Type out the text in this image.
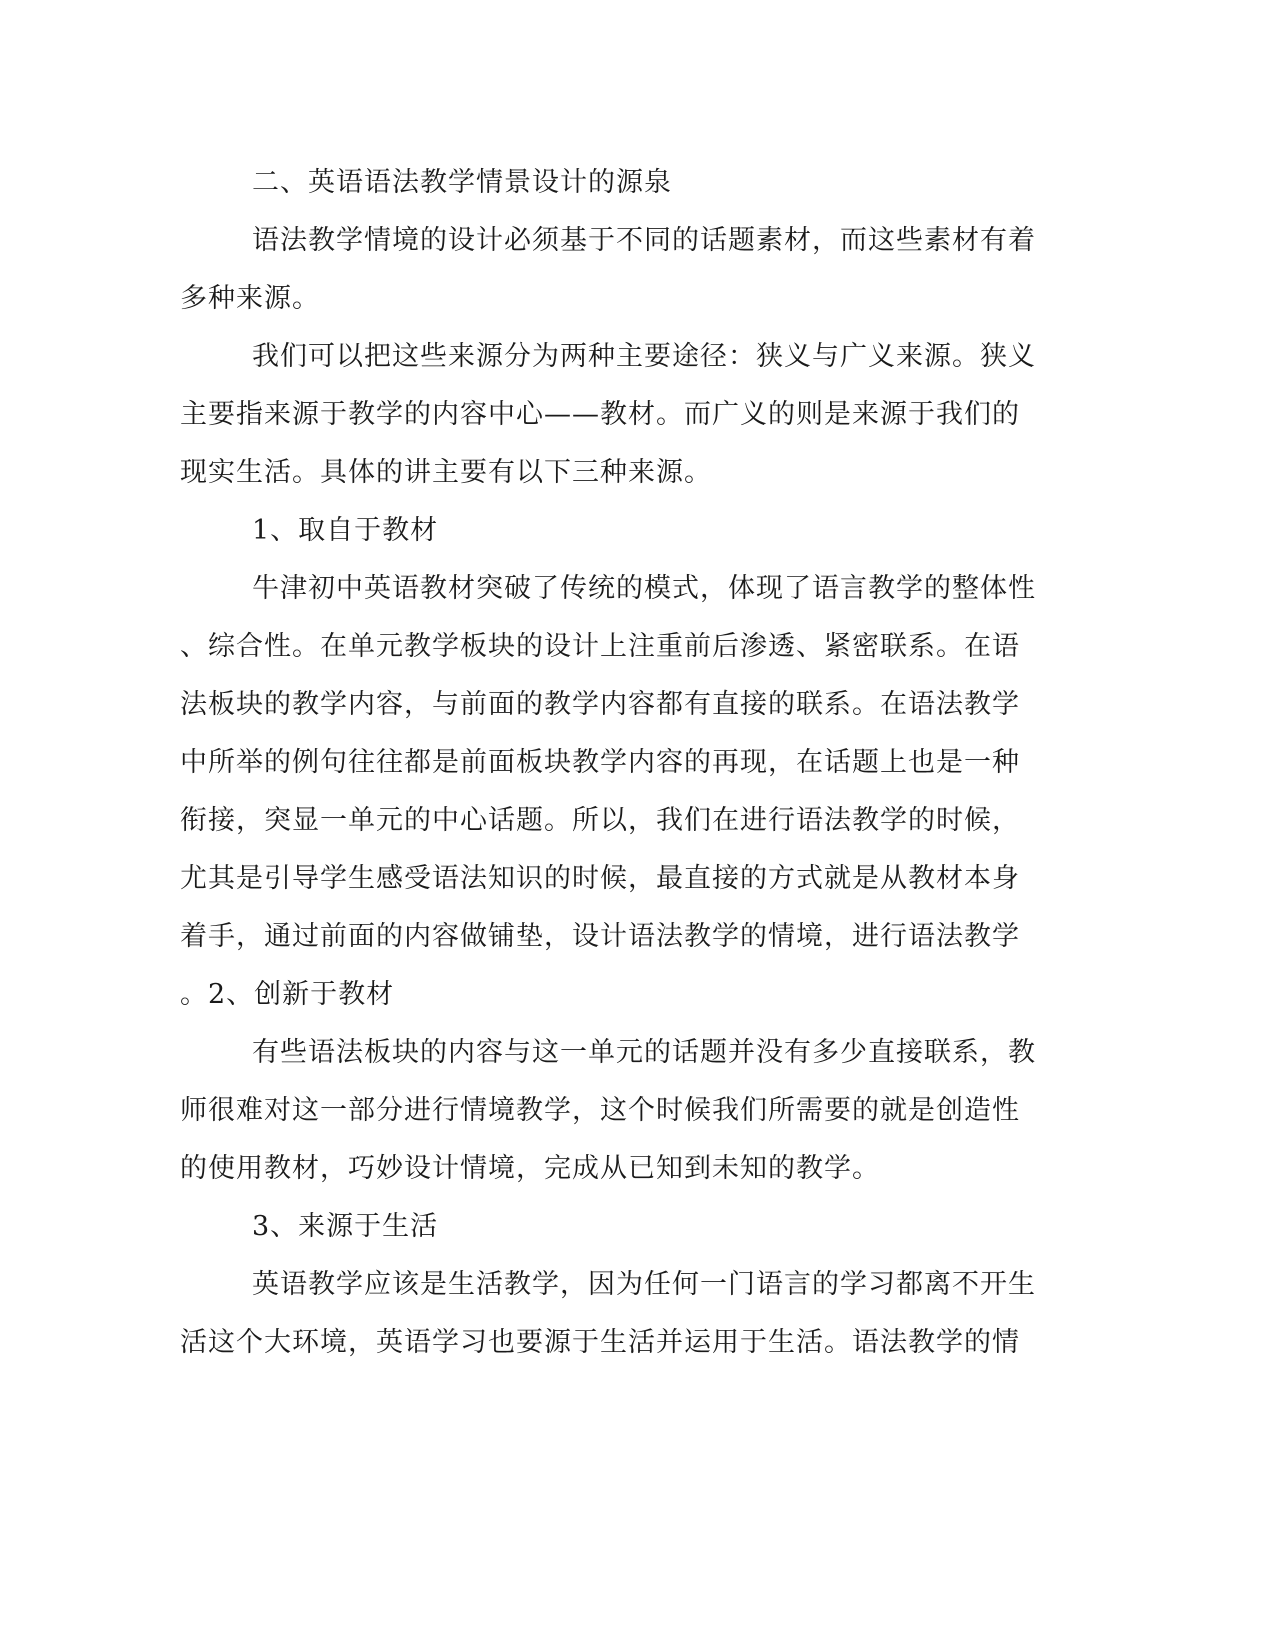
二、英语语法教学情景设计的源泉
语法教学情境的设计必须基于不同的话题素材，而这些素材有着
多种来源。
我们可以把这些来源分为两种主要途径：狭义与广义来源。狭义
主要指来源于教学的内容中心——教材。而广义的则是来源于我们的
现实生活。具体的讲主要有以下三种来源。
1、取自于教材
牛津初中英语教材突破了传统的模式，体现了语言教学的整体性
、综合性。在单元教学板块的设计上注重前后渗透、紧密联系。在语
法板块的教学内容，与前面的教学内容都有直接的联系。在语法教学
中所举的例句往往都是前面板块教学内容的再现，在话题上也是一种
衔接，突显一单元的中心话题。所以，我们在进行语法教学的时候，
尤其是引导学生感受语法知识的时候，最直接的方式就是从教材本身
着手，通过前面的内容做铺垫，设计语法教学的情境，进行语法教学
。2、创新于教材
有些语法板块的内容与这一单元的话题并没有多少直接联系，教
师很难对这一部分进行情境教学，这个时候我们所需要的就是创造性
的使用教材，巧妙设计情境，完成从已知到未知的教学。
3、来源于生活
英语教学应该是生活教学，因为任何一门语言的学习都离不开生
活这个大环境，英语学习也要源于生活并运用于生活。语法教学的情
